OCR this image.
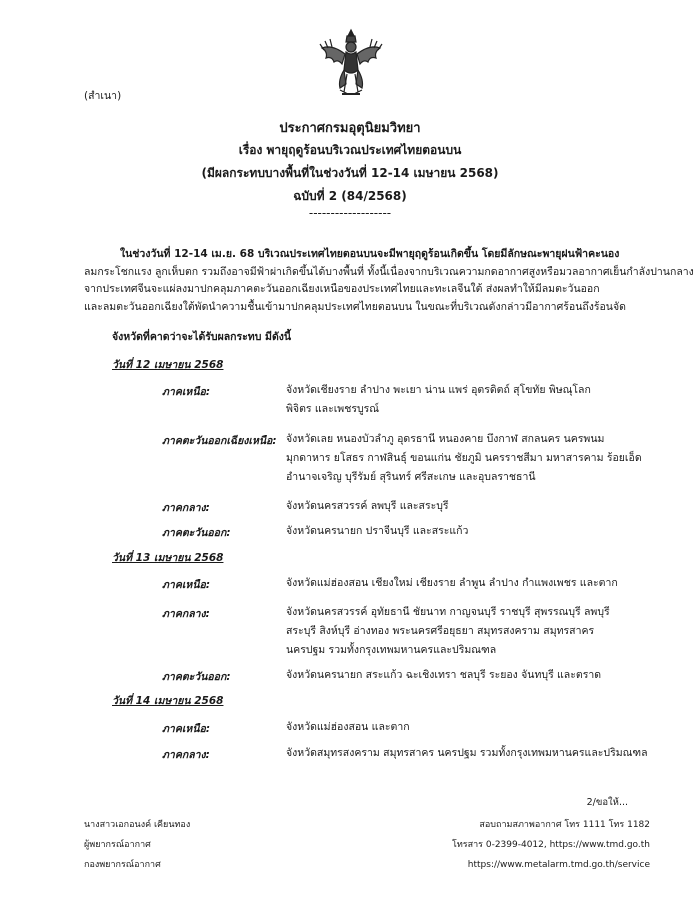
(สำเนา)
ประกาศกรมอุตุนิยมวิทยา
เรื่อง พายุฤดูร้อนบริเวณประเทศไทยตอนบน
(มีผลกระทบบางพื้นที่ในช่วงวันที่ 12-14 เมษายน 2568)
ฉบับที่ 2 (84/2568)
-------------------
ในช่วงวันที่ 12-14 เม.ย. 68 บริเวณประเทศไทยตอนบนจะมีพายุฤดูร้อนเกิดขึ้น โดยมีลักษณะพายุฝนฟ้าคะนอง
ลมกระโชกแรง ลูกเห็บตก รวมถึงอาจมีฟ้าผ่าเกิดขึ้นได้บางพื้นที่ ทั้งนี้เนื่องจากบริเวณความกดอากาศสูงหรือมวลอากาศเย็นกำลังปานกลาง
จากประเทศจีนจะแผ่ลงมาปกคลุมภาคตะวันออกเฉียงเหนือของประเทศไทยและทะเลจีนใต้ ส่งผลทำให้มีลมตะวันออก
และลมตะวันออกเฉียงใต้พัดนำความชื้นเข้ามาปกคลุมประเทศไทยตอนบน ในขณะที่บริเวณดังกล่าวมีอากาศร้อนถึงร้อนจัด
จังหวัดที่คาดว่าจะได้รับผลกระทบ มีดังนี้
วันที่ 12 เมษายน 2568
ภาคเหนือ:	จังหวัดเชียงราย ลำปาง พะเยา น่าน แพร่ อุตรดิตถ์ สุโขทัย พิษณุโลก
พิจิตร และเพชรบูรณ์
ภาคตะวันออกเฉียงเหนือ: จังหวัดเลย หนองบัวลำภู อุดรธานี หนองคาย บึงกาฬ สกลนคร นครพนม
มุกดาหาร ยโสธร กาฬสินธุ์ ขอนแก่น ชัยภูมิ นครราชสีมา มหาสารคาม ร้อยเอ็ด
อำนาจเจริญ บุรีรัมย์ สุรินทร์ ศรีสะเกษ และอุบลราชธานี
ภาคกลาง:	จังหวัดนครสวรรค์ ลพบุรี และสระบุรี
ภาคตะวันออก:	จังหวัดนครนายก ปราจีนบุรี และสระแก้ว
วันที่ 13 เมษายน 2568
ภาคเหนือ:	จังหวัดแม่ฮ่องสอน เชียงใหม่ เชียงราย ลำพูน ลำปาง กำแพงเพชร และตาก
ภาคกลาง:	จังหวัดนครสวรรค์ อุทัยธานี ชัยนาท กาญจนบุรี ราชบุรี สุพรรณบุรี ลพบุรี
สระบุรี สิงห์บุรี อ่างทอง พระนครศรีอยุธยา สมุทรสงคราม สมุทรสาคร
นครปฐม รวมทั้งกรุงเทพมหานครและปริมณฑล
ภาคตะวันออก:	จังหวัดนครนายก สระแก้ว ฉะเชิงเทรา ชลบุรี ระยอง จันทบุรี และตราด
วันที่ 14 เมษายน 2568
ภาคเหนือ:	จังหวัดแม่ฮ่องสอน และตาก
ภาคกลาง:	จังหวัดสมุทรสงคราม สมุทรสาคร นครปฐม รวมทั้งกรุงเทพมหานครและปริมณฑล
2/ขอให้...
นางสาวเอกอนงค์ เคียนทอง
ผู้พยากรณ์อากาศ
กองพยากรณ์อากาศ
สอบถามสภาพอากาศ โทร 1111 โทร 1182
โทรสาร 0-2399-4012, https://www.tmd.go.th
https://www.metalarm.tmd.go.th/service
